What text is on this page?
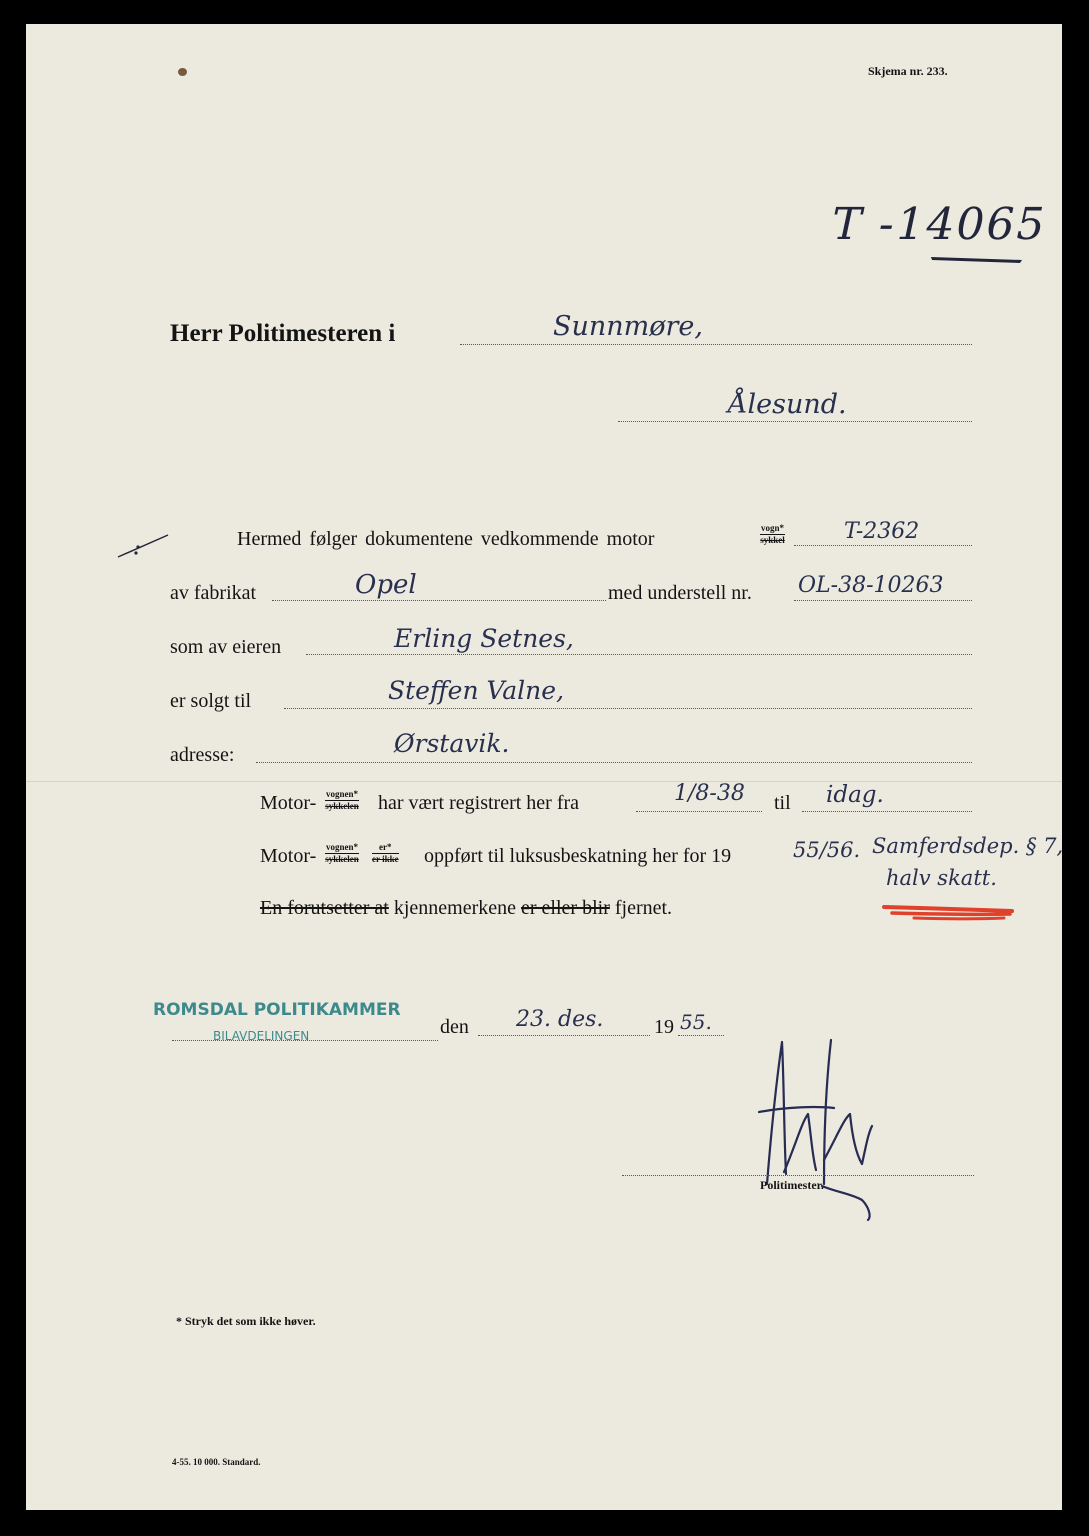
Skjema nr. 233.
T -14065
Herr Politimesteren i	Sunnmøre,
Ålesund.
Hermed følger dokumentene vedkommende motor	vogn*
sykkel	T-2362
av fabrikat	Opel	med understell nr. OL-38-10263
som av eieren	Erling Setnes,
er solgt til	Steffen Valne,
adresse:	Ørstavik.
Motor- vognen*
sykkelen har vært registrert her fra	1/8-38 til idag.
Motor- vognen*
sykkelen
er*
er ikke oppført til luksusbeskatning her for 19	55/56. Samferdsdep. § 7,
halv skatt.
En forutsetter at kjennemerkene er eller blir fjernet.
ROMSDAL POLITIKAMMER
BILAVDELINGEN	den 23. des.	19 55.
Politimester.
* Stryk det som ikke høver.
4-55. 10 000. Standard.
